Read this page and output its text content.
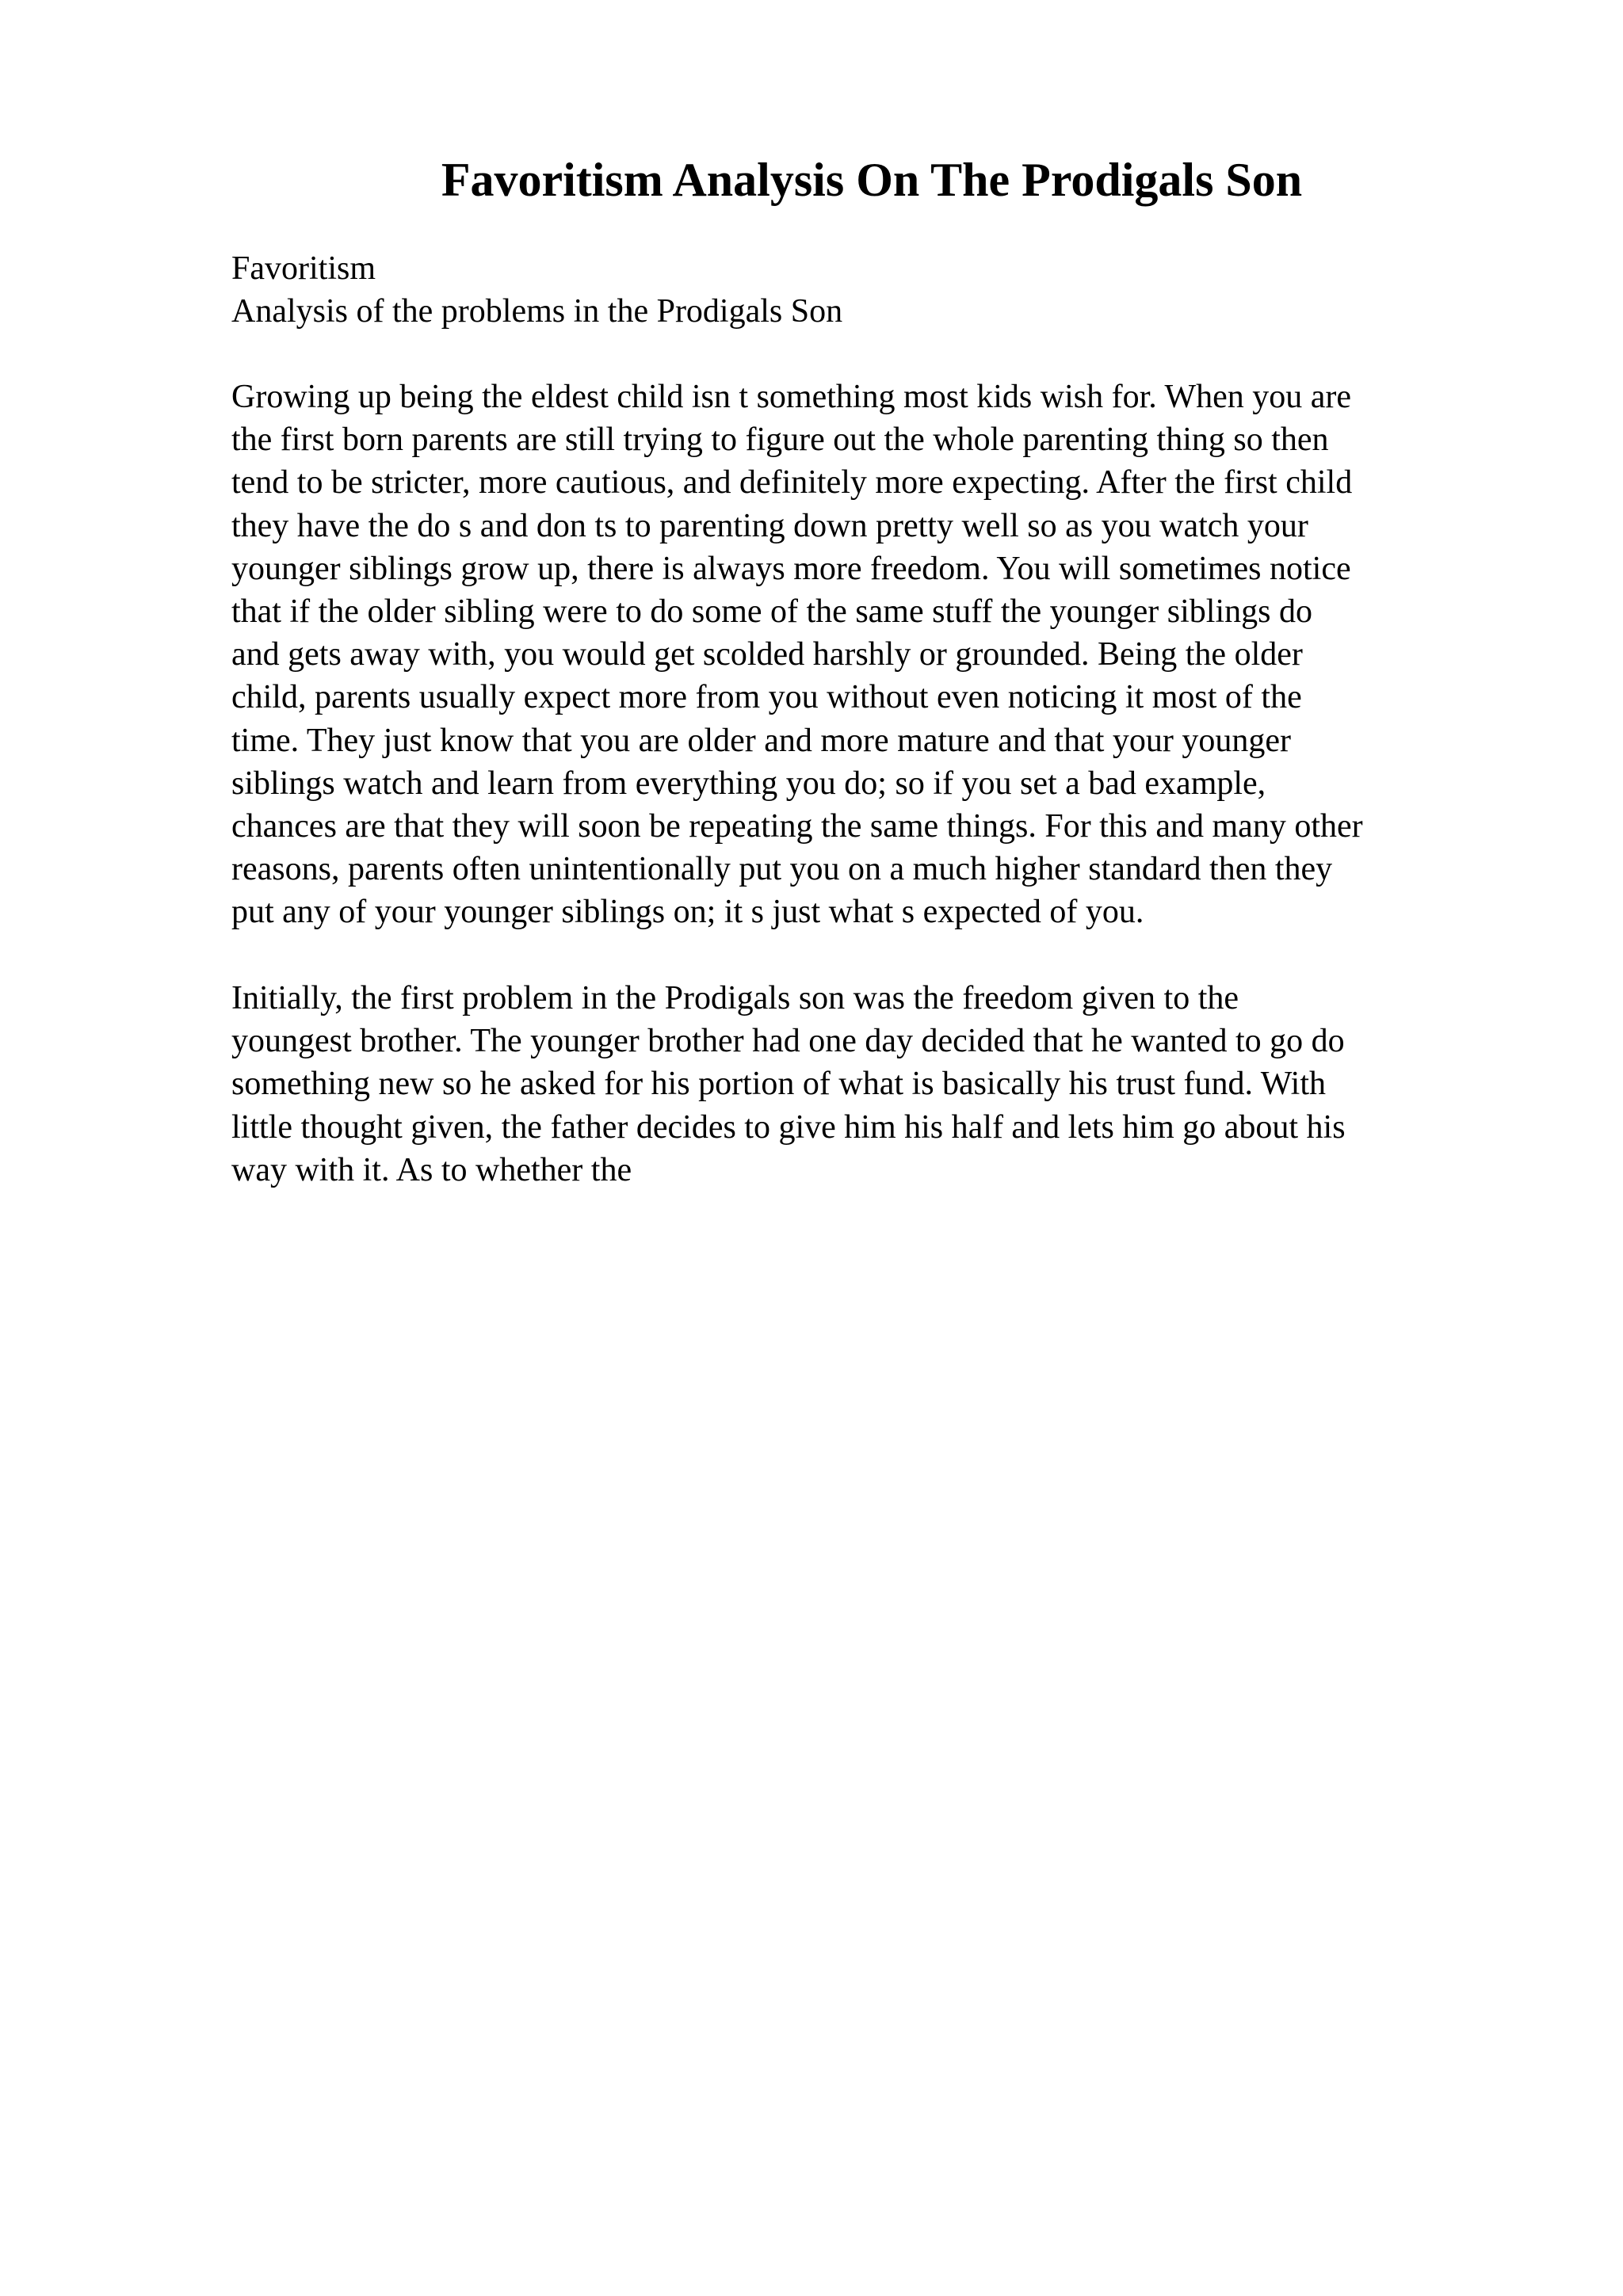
Favoritism Analysis On The Prodigals Son
Favoritism
Analysis of the problems in the Prodigals Son
Growing up being the eldest child isn t something most kids wish for. When you are
the first born parents are still trying to figure out the whole parenting thing so then
tend to be stricter, more cautious, and definitely more expecting. After the first child
they have the do s and don ts to parenting down pretty well so as you watch your
younger siblings grow up, there is always more freedom. You will sometimes notice
that if the older sibling were to do some of the same stuff the younger siblings do
and gets away with, you would get scolded harshly or grounded. Being the older
child, parents usually expect more from you without even noticing it most of the
time. They just know that you are older and more mature and that your younger
siblings watch and learn from everything you do; so if you set a bad example,
chances are that they will soon be repeating the same things. For this and many other
reasons, parents often unintentionally put you on a much higher standard then they
put any of your younger siblings on; it s just what s expected of you.
Initially, the first problem in the Prodigals son was the freedom given to the
youngest brother. The younger brother had one day decided that he wanted to go do
something new so he asked for his portion of what is basically his trust fund. With
little thought given, the father decides to give him his half and lets him go about his
way with it. As to whether the
